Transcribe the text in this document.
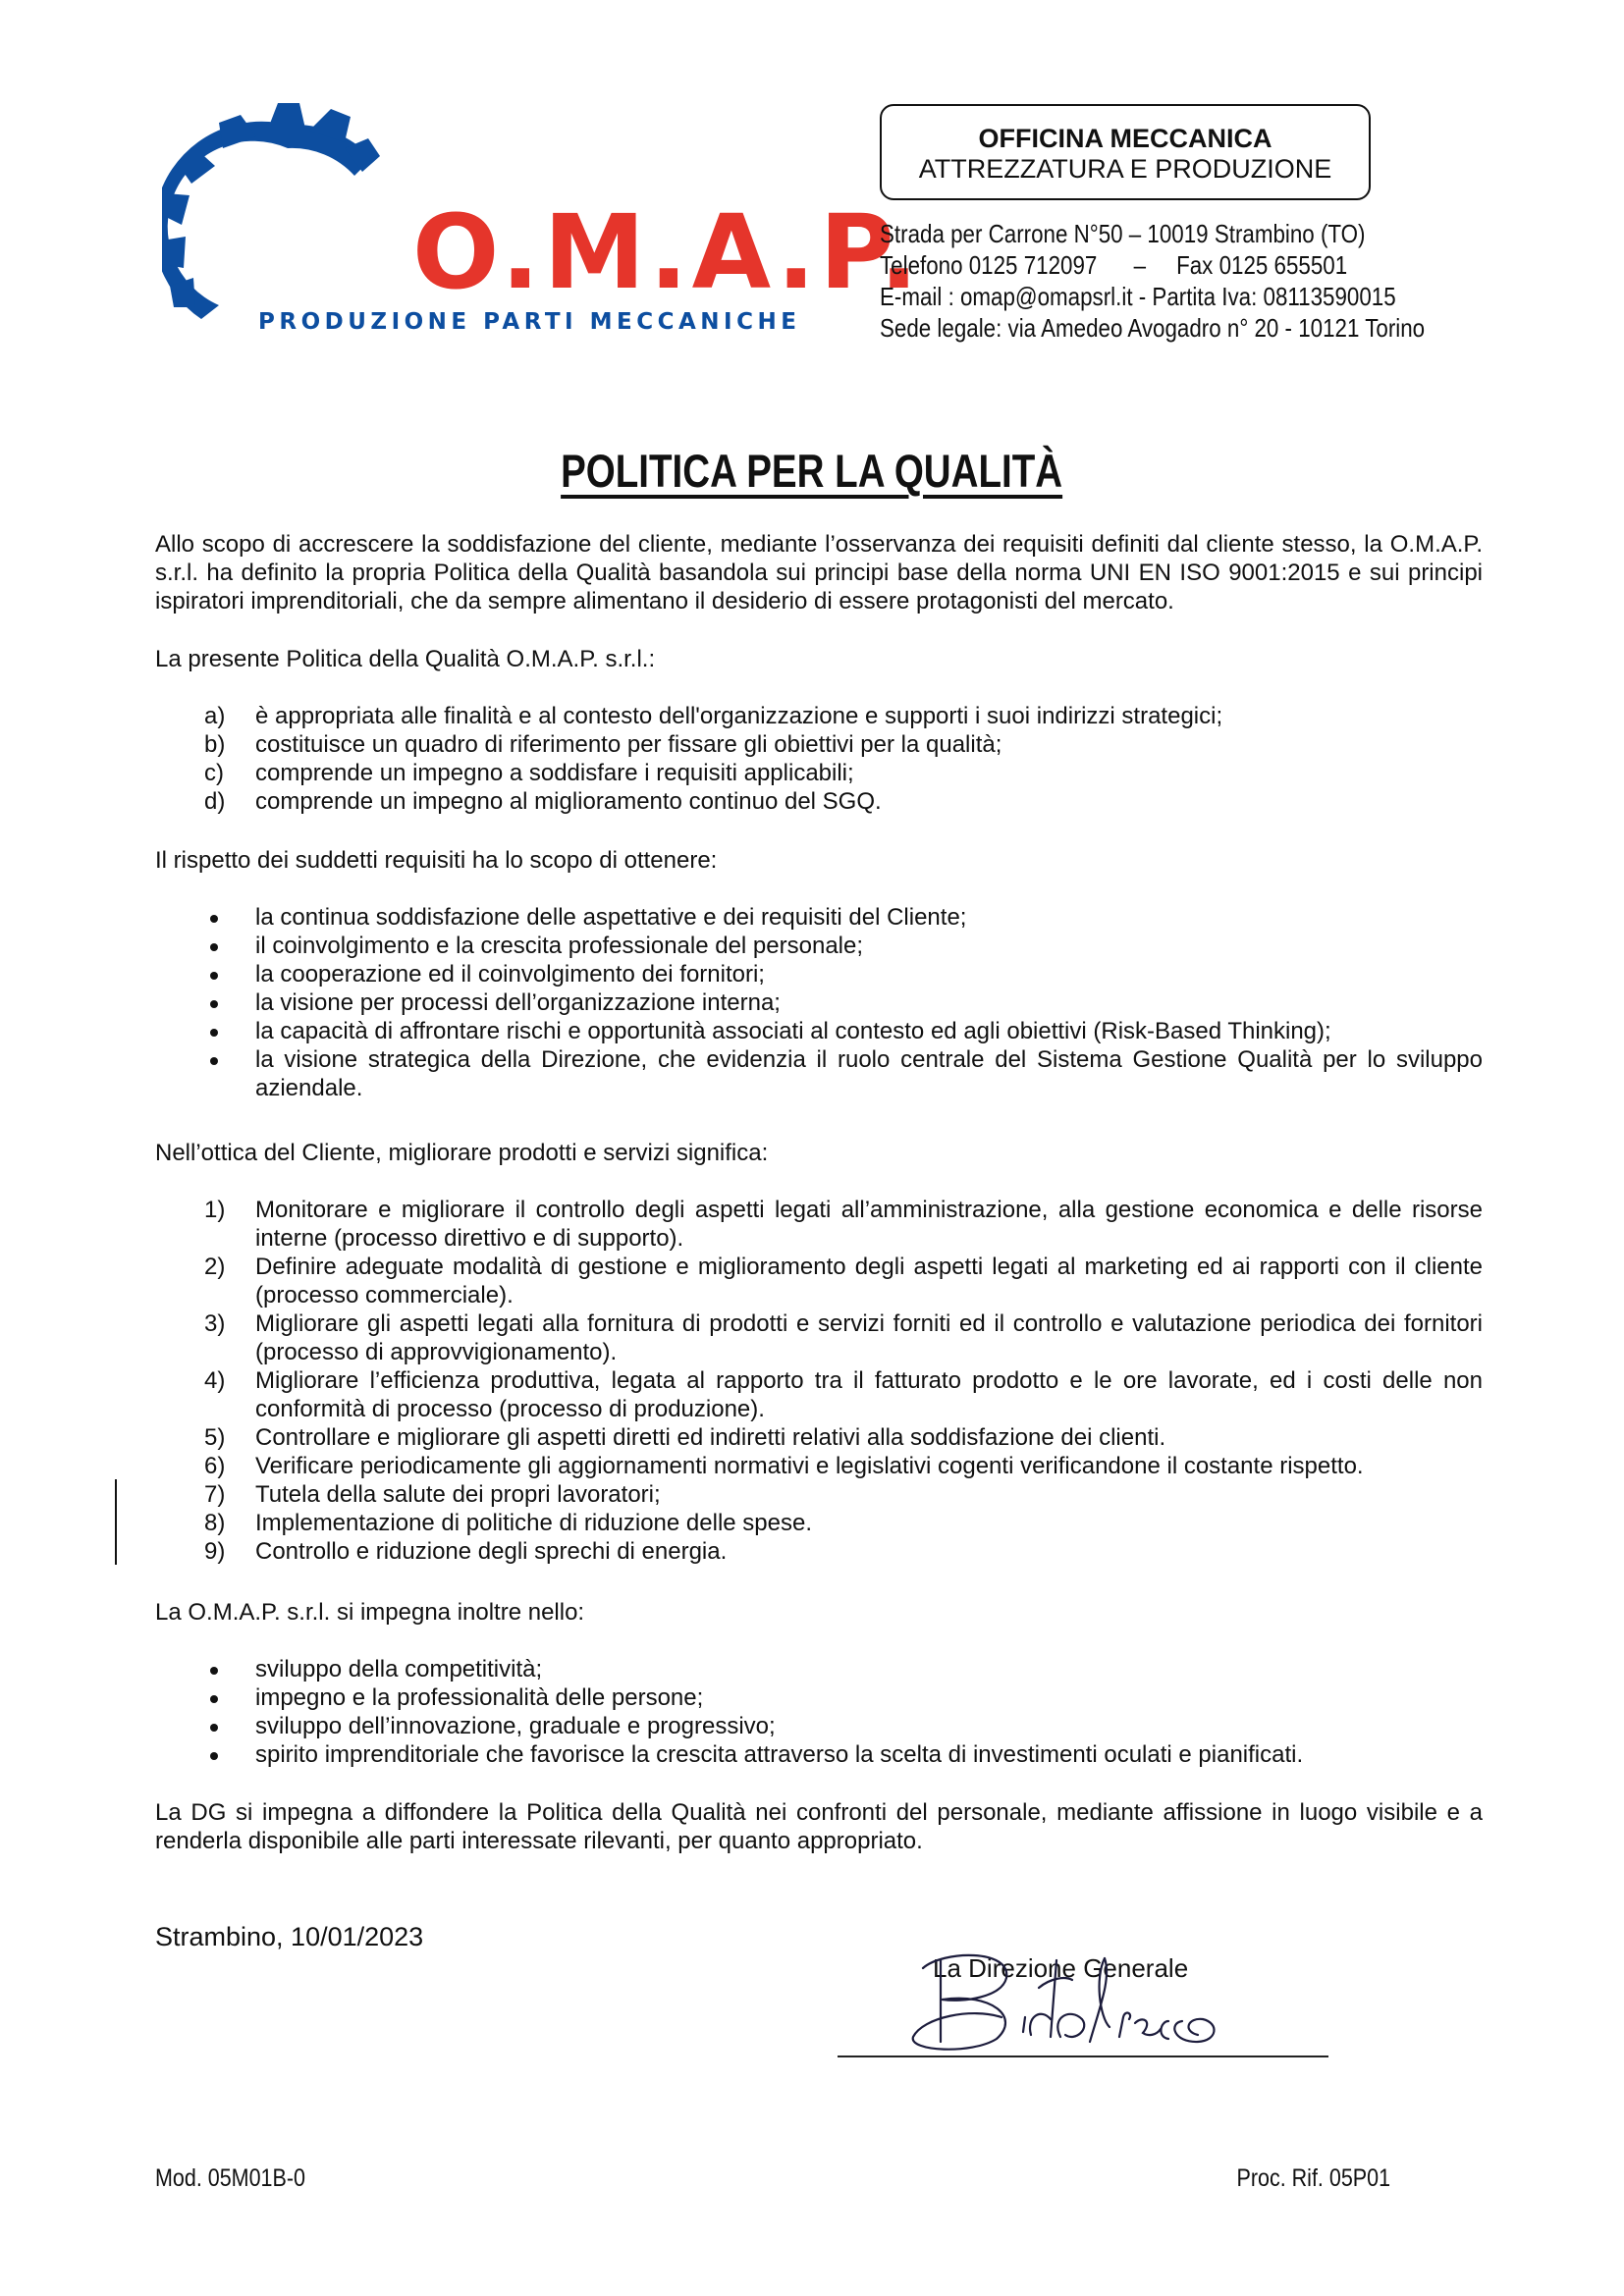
O.M.A.P.
PRODUZIONE PARTI MECCANICHE
OFFICINA MECCANICA
ATTREZZATURA E PRODUZIONE
Strada per Carrone N°50 – 10019 Strambino (TO)
Telefono 0125 712097      –     Fax 0125 655501
E-mail : omap@omapsrl.it - Partita Iva: 08113590015
Sede legale: via Amedeo Avogadro n° 20 - 10121 Torino
POLITICA PER LA QUALITÀ

Allo scopo di accrescere la soddisfazione del cliente, mediante l’osservanza dei requisiti definiti dal cliente stesso, la O.M.A.P. s.r.l. ha definito la propria Politica della Qualità basandola sui principi base della norma UNI EN ISO 9001:2015 e sui principi ispiratori imprenditoriali, che da sempre alimentano il desiderio di essere protagonisti del mercato.

La presente Politica della Qualità O.M.A.P. s.r.l.:

a) è appropriata alle finalità e al contesto dell'organizzazione e supporti i suoi indirizzi strategici;
b) costituisce un quadro di riferimento per fissare gli obiettivi per la qualità;
c) comprende un impegno a soddisfare i requisiti applicabili;
d) comprende un impegno al miglioramento continuo del SGQ.

Il rispetto dei suddetti requisiti ha lo scopo di ottenere:

la continua soddisfazione delle aspettative e dei requisiti del Cliente;
il coinvolgimento e la crescita professionale del personale;
la cooperazione ed il coinvolgimento dei fornitori;
la visione per processi dell’organizzazione interna;
la capacità di affrontare rischi e opportunità associati al contesto ed agli obiettivi (Risk-Based Thinking);
la visione strategica della Direzione, che evidenzia il ruolo centrale del Sistema Gestione Qualità per lo sviluppo aziendale.

Nell’ottica del Cliente, migliorare prodotti e servizi significa:

1) Monitorare e migliorare il controllo degli aspetti legati all’amministrazione, alla gestione economica e delle risorse interne (processo direttivo e di supporto).
2) Definire adeguate modalità di gestione e miglioramento degli aspetti legati al marketing ed ai rapporti con il cliente (processo commerciale).
3) Migliorare gli aspetti legati alla fornitura di prodotti e servizi forniti ed il controllo e valutazione periodica dei fornitori (processo di approvvigionamento).
4) Migliorare l’efficienza produttiva, legata al rapporto tra il fatturato prodotto e le ore lavorate, ed i costi delle non conformità di processo (processo di produzione).
5) Controllare e migliorare gli aspetti diretti ed indiretti relativi alla soddisfazione dei clienti.
6) Verificare periodicamente gli aggiornamenti normativi e legislativi cogenti verificandone il costante rispetto.
7) Tutela della salute dei propri lavoratori;
8) Implementazione di politiche di riduzione delle spese.
9) Controllo e riduzione degli sprechi di energia.

La O.M.A.P. s.r.l. si impegna inoltre nello:

sviluppo della competitività;
impegno e la professionalità delle persone;
sviluppo dell’innovazione, graduale e progressivo;
spirito imprenditoriale che favorisce la crescita attraverso la scelta di investimenti oculati e pianificati.

La DG si impegna a diffondere la Politica della Qualità nei confronti del personale, mediante affissione in luogo visibile e a renderla disponibile alle parti interessate rilevanti, per quanto appropriato.

Strambino, 10/01/2023
La Direzione Generale
Mod. 05M01B-0	Proc. Rif. 05P01
